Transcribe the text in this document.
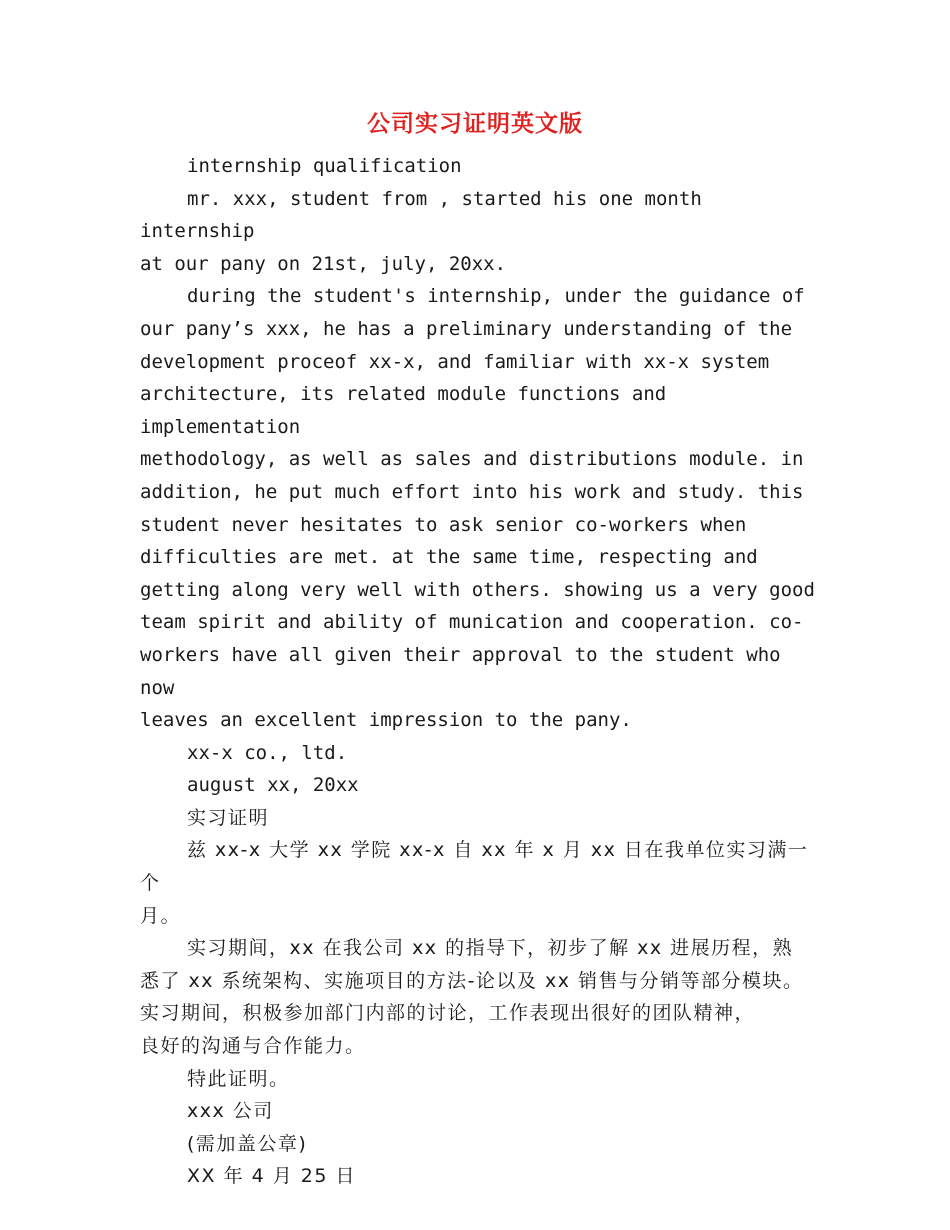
公司实习证明英文版

internship qualification

mr. xxx, student from , started his one month internship
at our pany on 21st, july, 20xx.

during the student's internship, under the guidance of
our pany’s xxx, he has a preliminary understanding of the
development proceof xx-x, and familiar with xx-x system
architecture, its related module functions and implementation
methodology, as well as sales and distributions module. in
addition, he put much effort into his work and study. this
student never hesitates to ask senior co-workers when
difficulties are met. at the same time, respecting and
getting along very well with others. showing us a very good
team spirit and ability of munication and cooperation. co-
workers have all given their approval to the student who now
leaves an excellent impression to the pany.

xx-x co., ltd.

august xx, 20xx

实习证明

兹 xx-x 大学 xx 学院 xx-x 自 xx 年 x 月 xx 日在我单位实习满一个
月。

实习期间，xx 在我公司 xx 的指导下，初步了解 xx 进展历程，熟
悉了 xx 系统架构、实施项目的方法-论以及 xx 销售与分销等部分模块。
实习期间，积极参加部门内部的讨论，工作表现出很好的团队精神，
良好的沟通与合作能力。

特此证明。

xxx 公司

(需加盖公章)

XX 年 4 月 25 日
